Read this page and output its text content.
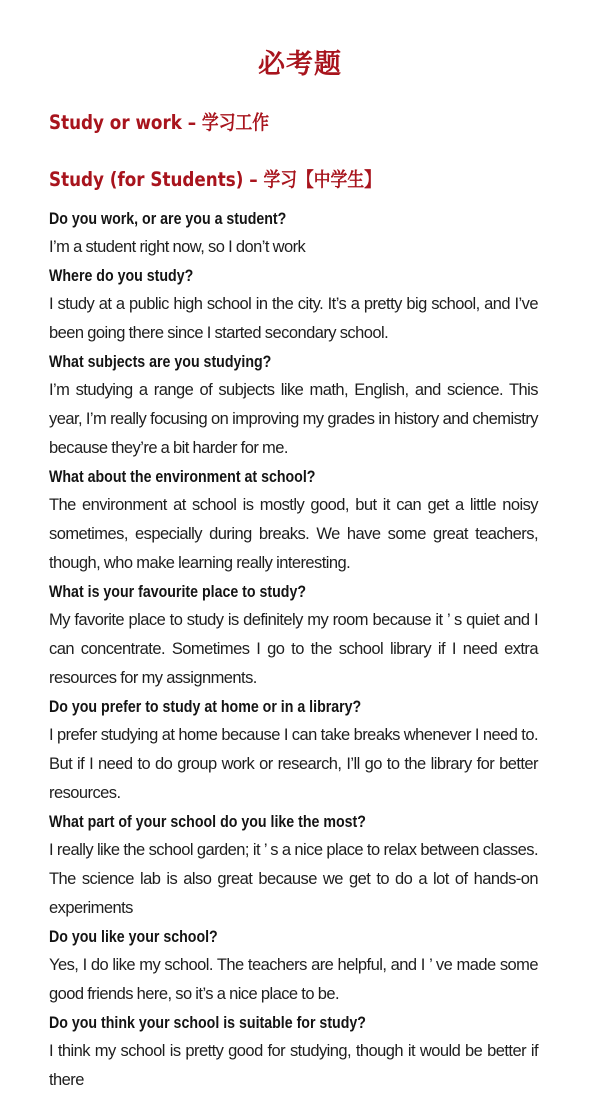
必考题
Study or work – 学习工作
Study (for Students) – 学习【中学生】
Do you work, or are you a student?
I’m a student right now, so I don’t work
Where do you study?
I study at a public high school in the city. It’s a pretty big school, and I’ve been going there since I started secondary school.
What subjects are you studying?
I’m studying a range of subjects like math, English, and science. This year, I’m really focusing on improving my grades in history and chemistry because they’re a bit harder for me.
What about the environment at school?
The environment at school is mostly good, but it can get a little noisy sometimes, especially during breaks. We have some great teachers, though, who make learning really interesting.
What is your favourite place to study?
My favorite place to study is definitely my room because it ’ s quiet and I can concentrate. Sometimes I go to the school library if I need extra resources for my assignments.
Do you prefer to study at home or in a library?
I prefer studying at home because I can take breaks whenever I need to. But if I need to do group work or research, I’ll go to the library for better resources.
What part of your school do you like the most?
I really like the school garden; it ’ s a nice place to relax between classes. The science lab is also great because we get to do a lot of hands-on experiments
Do you like your school?
Yes, I do like my school. The teachers are helpful, and I ’ ve made some good friends here, so it’s a nice place to be.
Do you think your school is suitable for study?
I think my school is pretty good for studying, though it would be better if there
